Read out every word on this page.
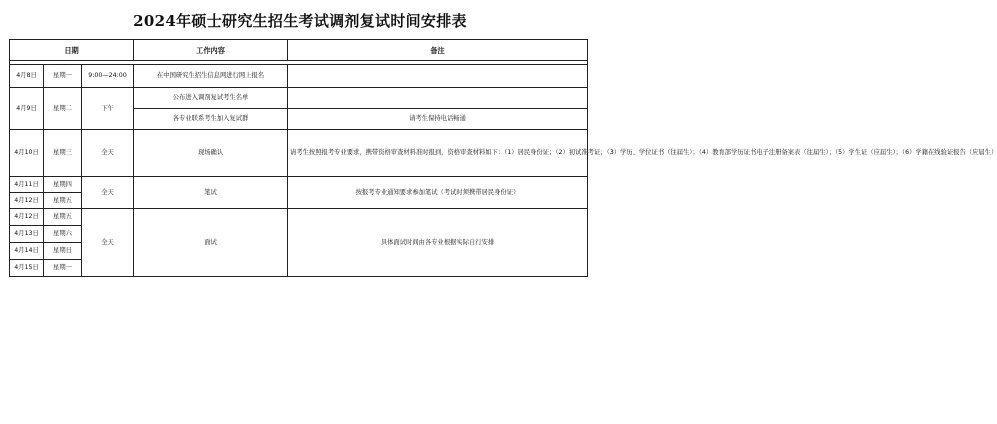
2024年硕士研究生招生考试调剂复试时间安排表
日期			工作内容	备注

4月8日	星期一	9:00—24:00	在中国研究生招生信息网进行网上报名	
4月9日	星期二	下午	公布进入调剂复试考生名单	
			各专业联系考生加入复试群	请考生保持电话畅通
4月10日	星期三	全天	现场确认	请考生按照报考专业要求，携带资格审查材料准时报到，资格审查材料如下：（1）居民身份证；（2）初试准考证；（3）学历、学位证书（往届生）；（4）教育部学历证书电子注册备案表（往届生）；（5）学生证（应届生）；（6）学籍在线验证报告（应届生）
4月11日	星期四	全天	笔试	按报考专业通知要求参加笔试（考试时须携带居民身份证）
4月12日	星期五			
4月12日	星期五	全天	面试	具体面试时间由各专业根据实际自行安排
4月13日	星期六			
4月14日	星期日			
4月15日	星期一			
